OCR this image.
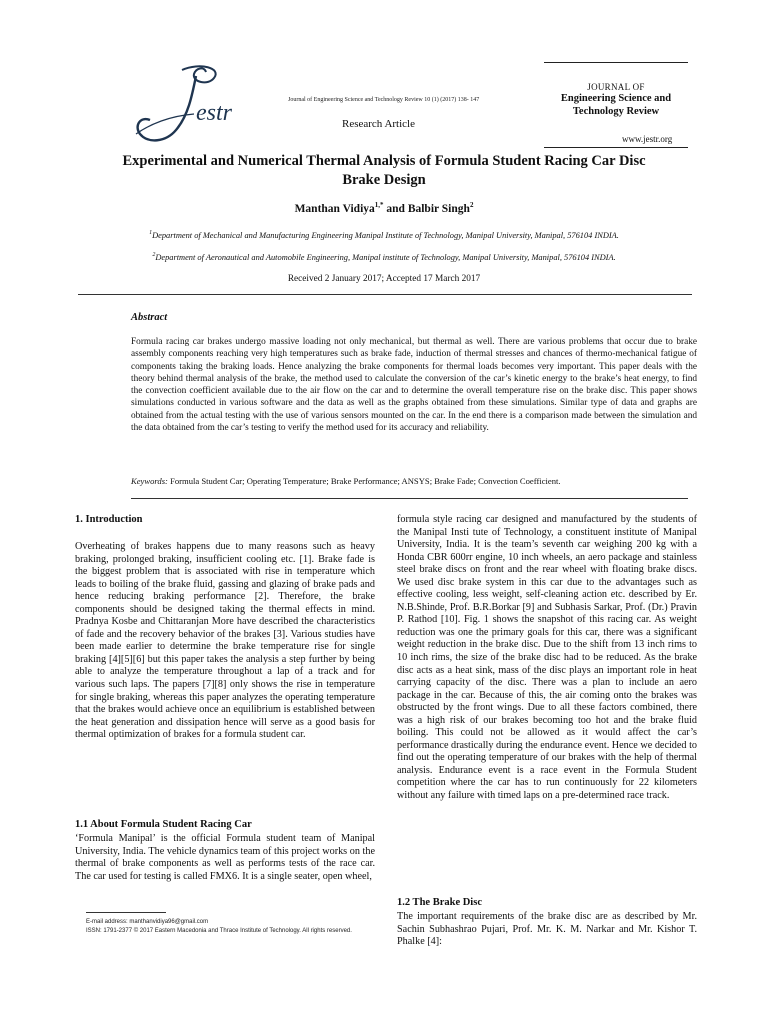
estr	Journal of Engineering Science and Technology Review 10 (1) (2017) 138- 147
Research Article
JOURNAL OF
Engineering Science and
Technology Review
www.jestr.org
Experimental and Numerical Thermal Analysis of Formula Student Racing Car Disc
Brake Design
Manthan Vidiya$^{1,*}$ and Balbir Singh$^2$
$^1$Department of Mechanical and Manufacturing Engineering Manipal Institute of Technology, Manipal University, Manipal, 576104 INDIA.
$^2$Department of Aeronautical and Automobile Engineering, Manipal institute of Technology, Manipal University, Manipal, 576104 INDIA.
Received 2 January 2017; Accepted 17 March 2017
Abstract
Formula racing car brakes undergo massive loading not only mechanical, but thermal as well. There are various problems that occur due to brake assembly components reaching very high temperatures such as brake fade, induction of thermal stresses and chances of thermo-mechanical fatigue of components taking the braking loads. Hence analyzing the brake components for thermal loads becomes very important. This paper deals with the theory behind thermal analysis of the brake, the method used to calculate the conversion of the car’s kinetic energy to the brake’s heat energy, to find the convection coefficient available due to the air flow on the car and to determine the overall temperature rise on the brake disc. This paper shows simulations conducted in various software and the data as well as the graphs obtained from these simulations. Similar type of data and graphs are obtained from the actual testing with the use of various sensors mounted on the car. In the end there is a comparison made between the simulation and the data obtained from the car’s testing to verify the method used for its accuracy and reliability.
Keywords: Formula Student Car; Operating Temperature; Brake Performance; ANSYS; Brake Fade; Convection Coefficient.
1. Introduction

Overheating of brakes happens due to many reasons such as heavy braking, prolonged braking, insufficient cooling etc. [1]. Brake fade is the biggest problem that is associated with rise in temperature which leads to boiling of the brake fluid, gassing and glazing of brake pads and hence reducing braking performance [2]. Therefore, the brake components should be designed taking the thermal effects in mind. Pradnya Kosbe and Chittaranjan More have described the characteristics of fade and the recovery behavior of the brakes [3]. Various studies have been made earlier to determine the brake temperature rise for single braking [4][5][6] but this paper takes the analysis a step further by being able to analyze the temperature throughout a lap of a track and for various such laps. The papers [7][8] only shows the rise in temperature for single braking, whereas this paper analyzes the operating temperature that the brakes would achieve once an equilibrium is established between the heat generation and dissipation hence will serve as a good basis for thermal optimization of brakes for a formula student car.

1.1 About Formula Student Racing Car

‘Formula Manipal’ is the official Formula student team of Manipal University, India. The vehicle dynamics team of this project works on the thermal of brake components as well as performs tests of the race car. The car used for testing is called FMX6. It is a single seater, open wheel,

formula style racing car designed and manufactured by the students of the Manipal Insti tute of Technology, a constituent institute of Manipal University, India. It is the team’s seventh car weighing 200 kg with a Honda CBR 600rr engine, 10 inch wheels, an aero package and stainless steel brake discs on front and the rear wheel with floating brake discs. We used disc brake system in this car due to the advantages such as effective cooling, less weight, self-cleaning action etc. described by Er. N.B.Shinde, Prof. B.R.Borkar [9] and Subhasis Sarkar, Prof. (Dr.) Pravin P. Rathod [10]. Fig. 1 shows the snapshot of this racing car. As weight reduction was one the primary goals for this car, there was a significant weight reduction in the brake disc. Due to the shift from 13 inch rims to 10 inch rims, the size of the brake disc had to be reduced. As the brake disc acts as a heat sink, mass of the disc plays an important role in heat carrying capacity of the disc. There was a plan to include an aero package in the car. Because of this, the air coming onto the brakes was obstructed by the front wings. Due to all these factors combined, there was a high risk of our brakes becoming too hot and the brake fluid boiling. This could not be allowed as it would affect the car’s performance drastically during the endurance event. Hence we decided to find out the operating temperature of our brakes with the help of thermal analysis. Endurance event is a race event in the Formula Student competition where the car has to run continuously for 22 kilometers without any failure with timed laps on a pre-determined race track.

1.2 The Brake Disc

The important requirements of the brake disc are as described by Mr. Sachin Subhashrao Pujari, Prof. Mr. K. M. Narkar and Mr. Kishor T. Phalke [4]:

E-mail address: manthanvidiya96@gmail.com
ISSN: 1791-2377 © 2017 Eastern Macedonia and Thrace Institute of Technology. All rights reserved.
